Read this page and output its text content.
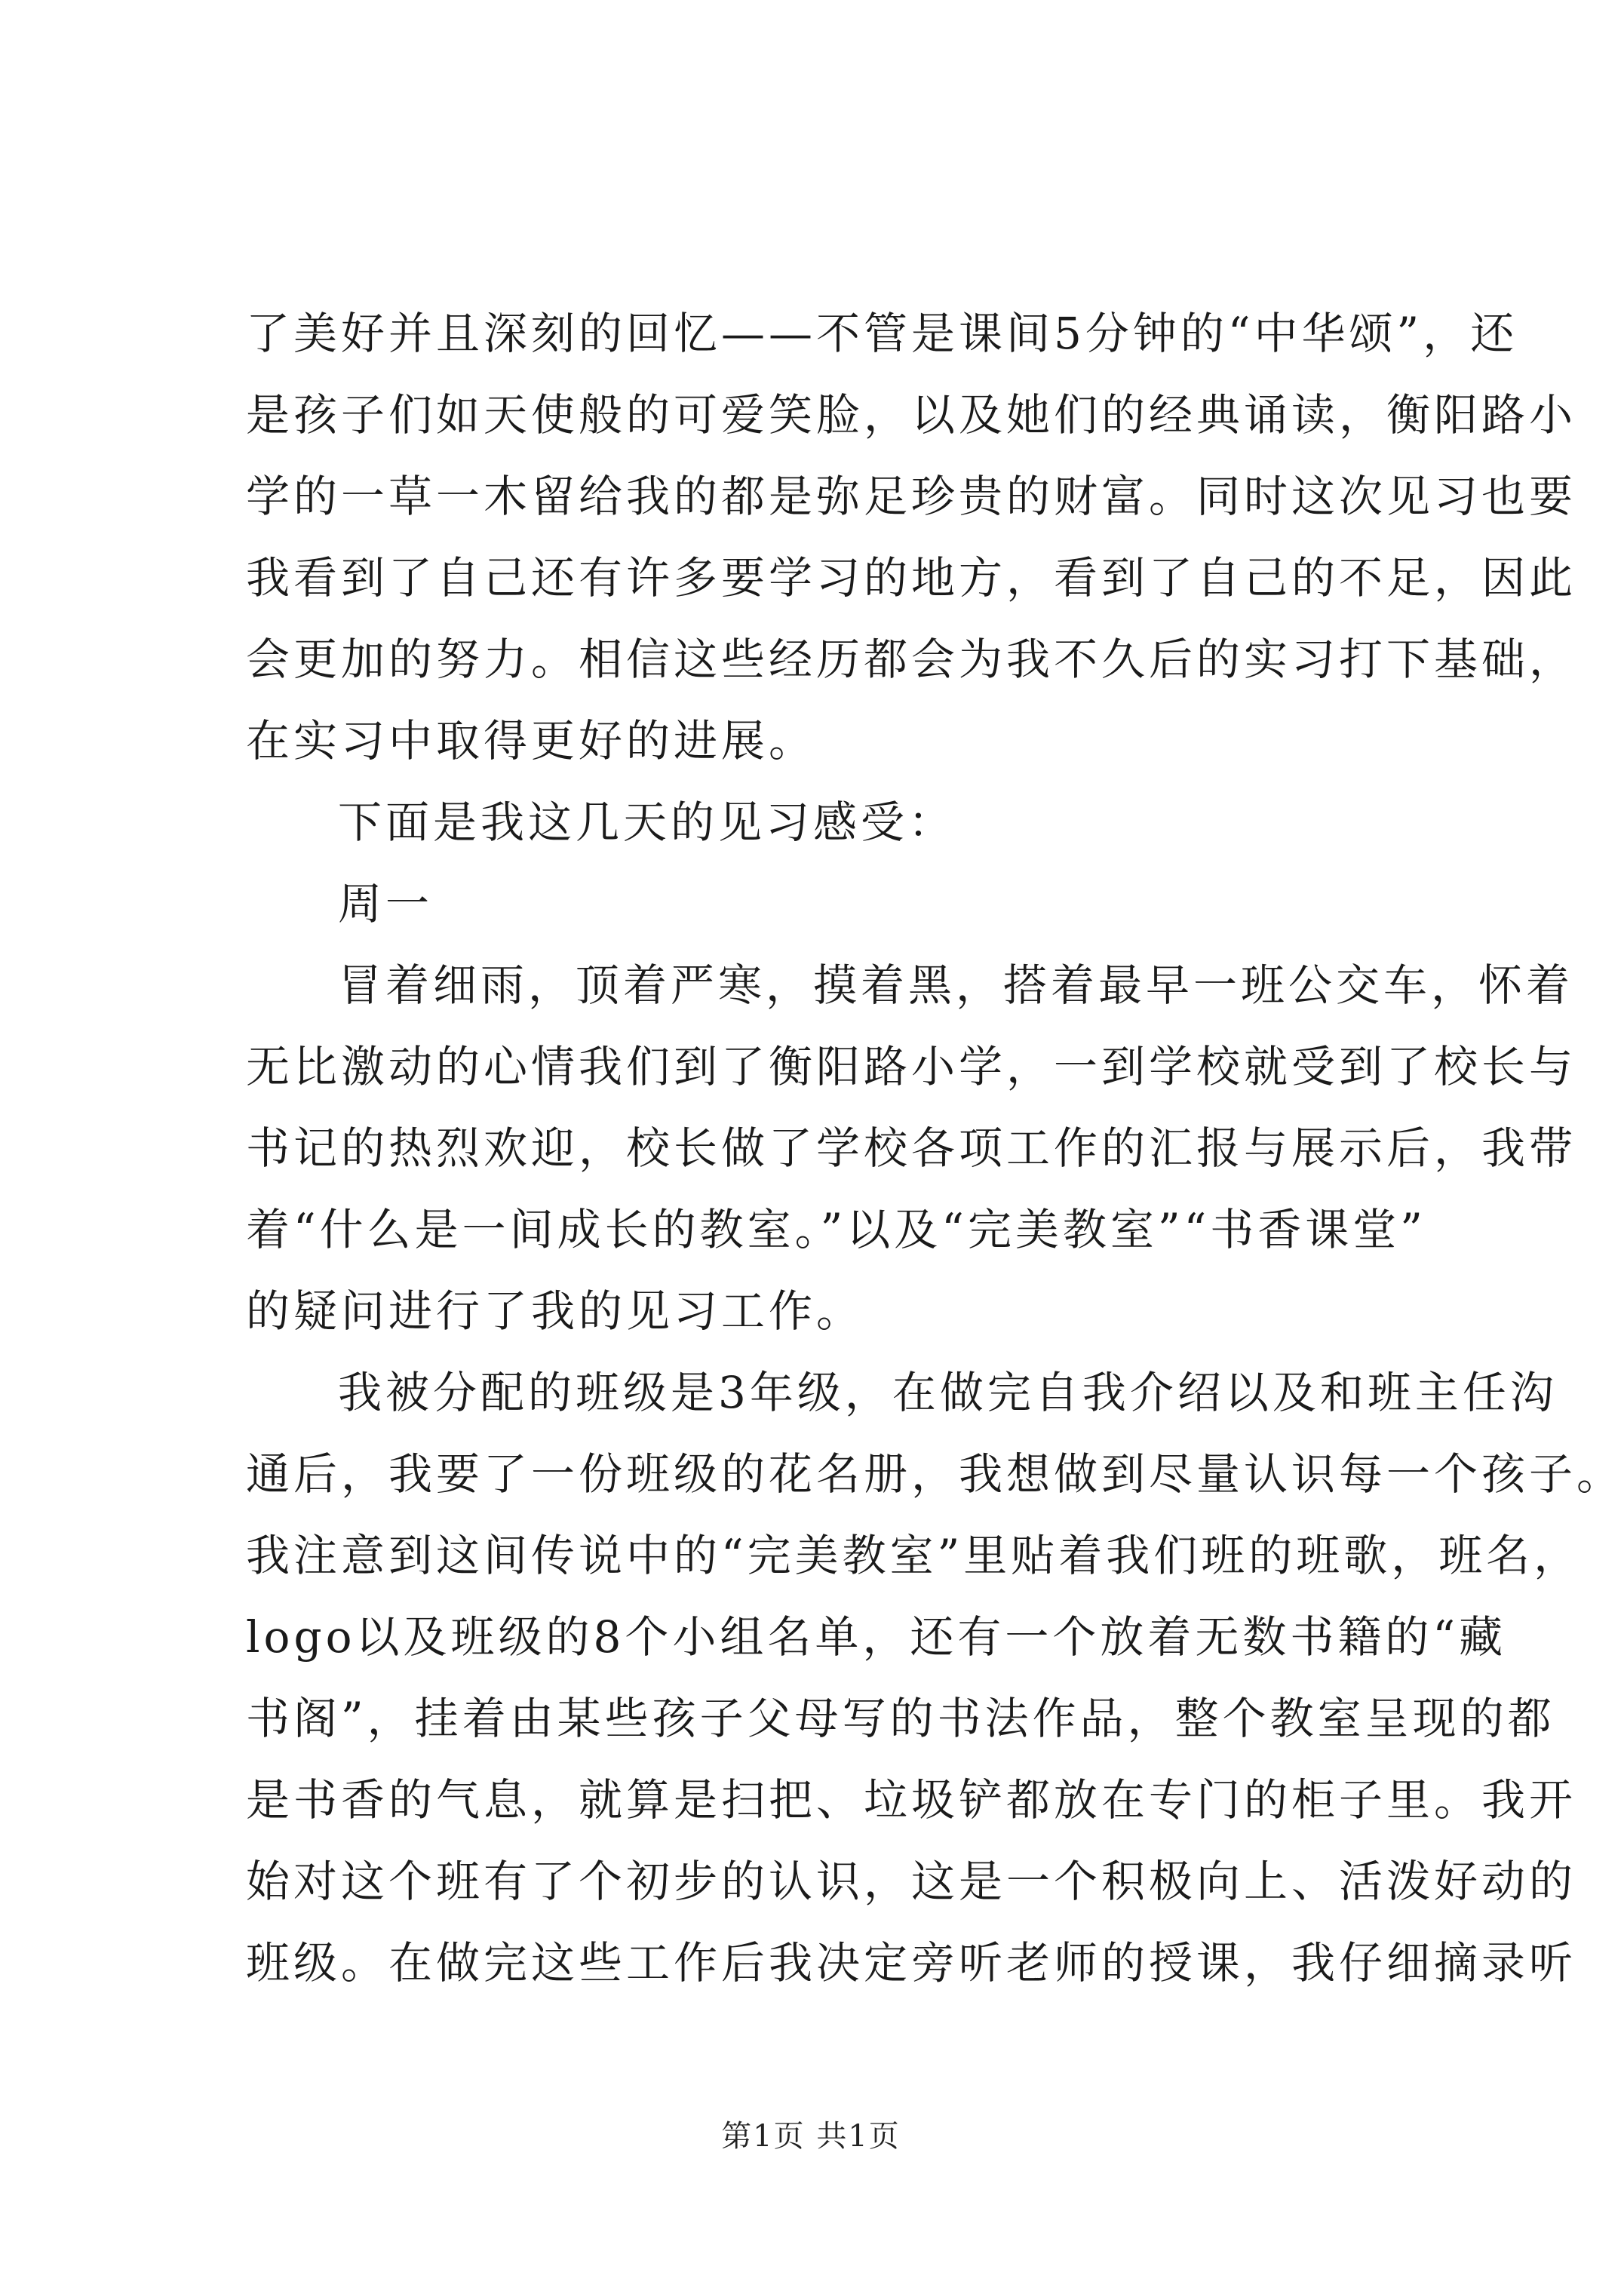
了美好并且深刻的回忆——不管是课间5分钟的“中华颂”，还
是孩子们如天使般的可爱笑脸，以及她们的经典诵读，衡阳路小
学的一草一木留给我的都是弥足珍贵的财富。同时这次见习也要
我看到了自己还有许多要学习的地方，看到了自己的不足，因此
会更加的努力。相信这些经历都会为我不久后的实习打下基础，
在实习中取得更好的进展。
下面是我这几天的见习感受：
周一
冒着细雨，顶着严寒，摸着黑，搭着最早一班公交车，怀着
无比激动的心情我们到了衡阳路小学，一到学校就受到了校长与
书记的热烈欢迎，校长做了学校各项工作的汇报与展示后，我带
着“什么是一间成长的教室。”以及“完美教室”“书香课堂”
的疑问进行了我的见习工作。
我被分配的班级是3年级，在做完自我介绍以及和班主任沟
通后，我要了一份班级的花名册，我想做到尽量认识每一个孩子。
我注意到这间传说中的“完美教室”里贴着我们班的班歌，班名，
logo以及班级的8个小组名单，还有一个放着无数书籍的“藏
书阁”，挂着由某些孩子父母写的书法作品，整个教室呈现的都
是书香的气息，就算是扫把、垃圾铲都放在专门的柜子里。我开
始对这个班有了个初步的认识，这是一个积极向上、活泼好动的
班级。在做完这些工作后我决定旁听老师的授课，我仔细摘录听
第1页 共1页
